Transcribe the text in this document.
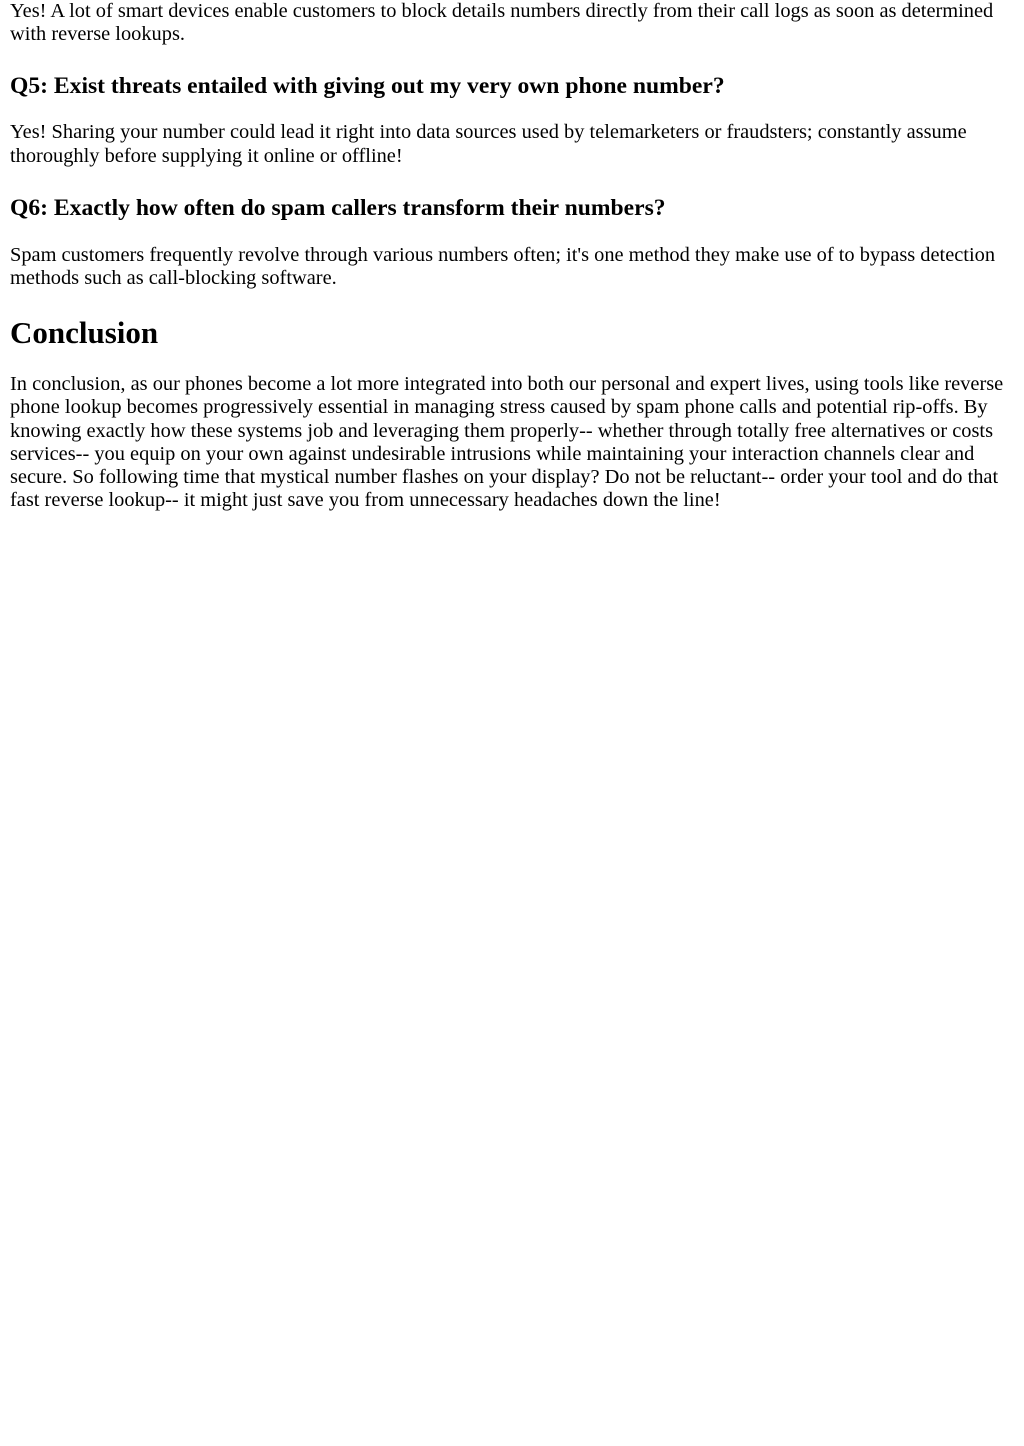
Yes! A lot of smart devices enable customers to block details numbers directly from their call logs as soon as determined with reverse lookups.

Q5: Exist threats entailed with giving out my very own phone number?

Yes! Sharing your number could lead it right into data sources used by telemarketers or fraudsters; constantly assume thoroughly before supplying it online or offline!

Q6: Exactly how often do spam callers transform their numbers?

Spam customers frequently revolve through various numbers often; it's one method they make use of to bypass detection methods such as call-blocking software.

Conclusion

In conclusion, as our phones become a lot more integrated into both our personal and expert lives, using tools like reverse phone lookup becomes progressively essential in managing stress caused by spam phone calls and potential rip-offs. By knowing exactly how these systems job and leveraging them properly-- whether through totally free alternatives or costs services-- you equip on your own against undesirable intrusions while maintaining your interaction channels clear and secure. So following time that mystical number flashes on your display? Do not be reluctant-- order your tool and do that fast reverse lookup-- it might just save you from unnecessary headaches down the line!
